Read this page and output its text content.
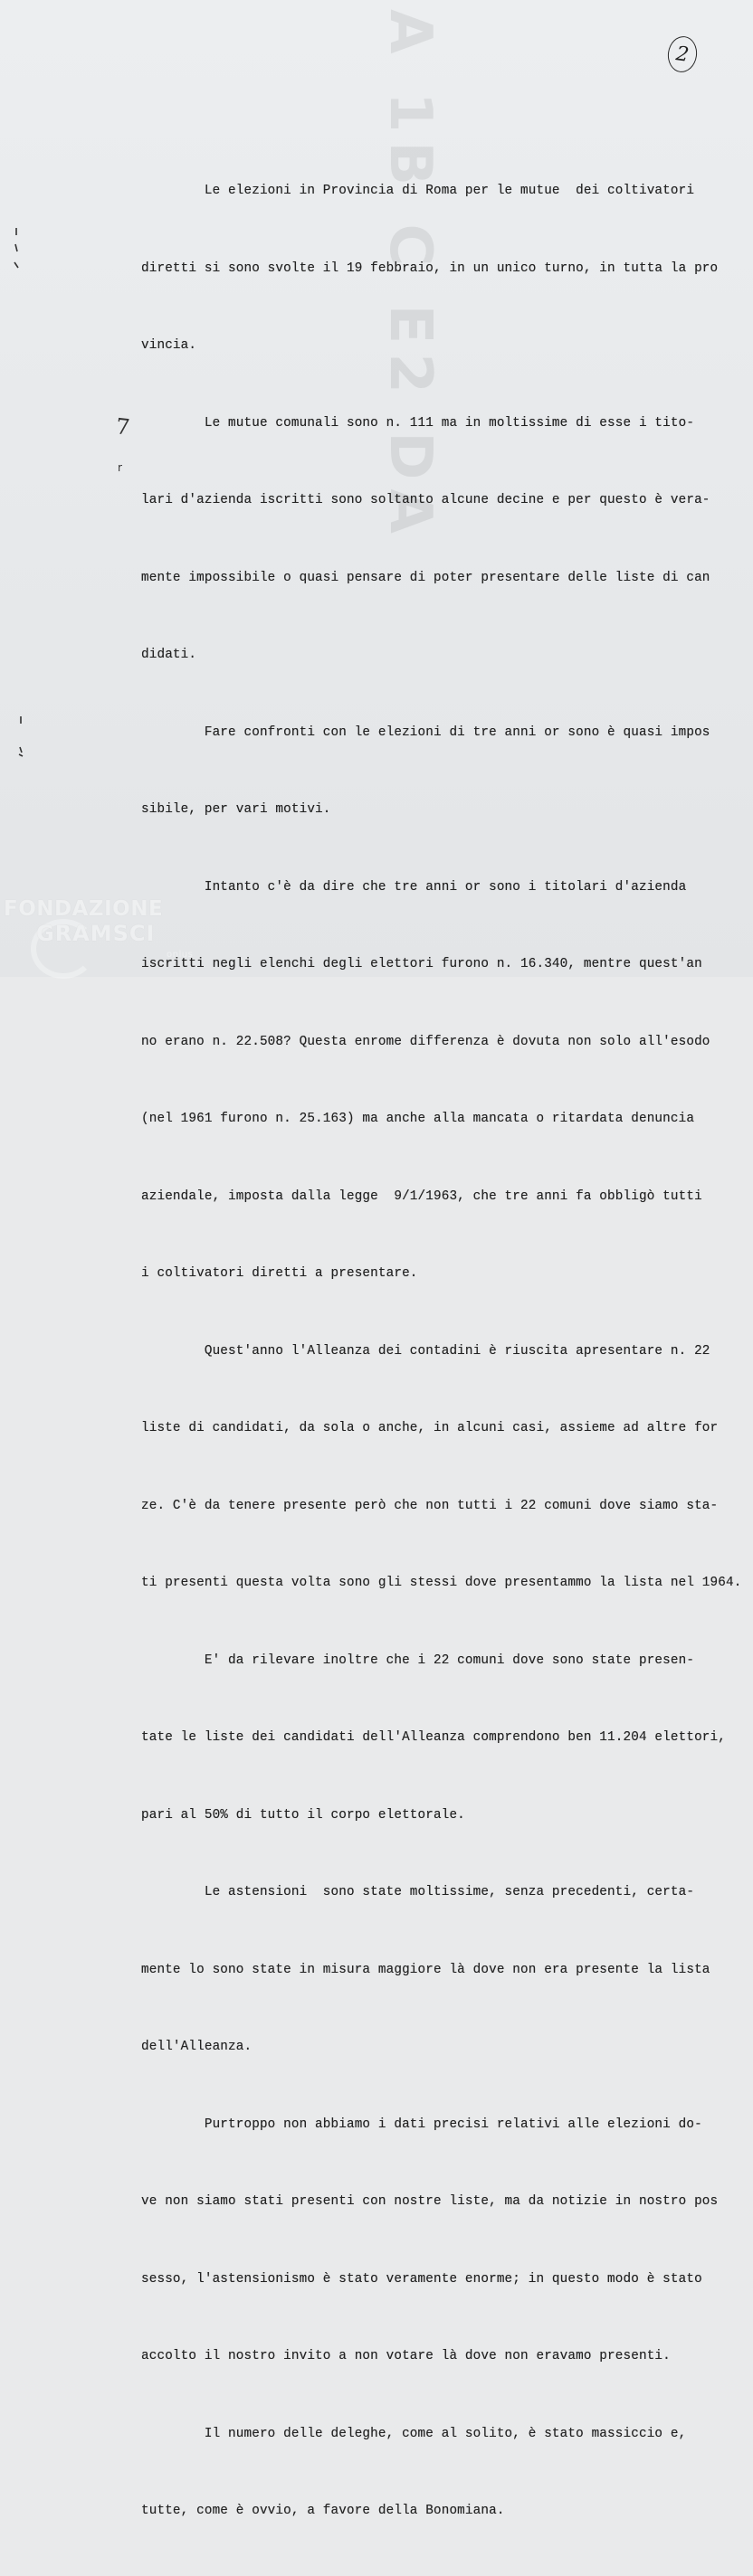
A 1B C E2 DA	2
7
r

Le elezioni in Provincia di Roma per le mutue  dei coltivatori

diretti si sono svolte il 19 febbraio, in un unico turno, in tutta la pro

vincia.

Le mutue comunali sono n. 111 ma in moltissime di esse i tito-

lari d'azienda iscritti sono soltanto alcune decine e per questo è vera-

mente impossibile o quasi pensare di poter presentare delle liste di can

didati.

Fare confronti con le elezioni di tre anni or sono è quasi impos

sibile, per vari motivi.

Intanto c'è da dire che tre anni or sono i titolari d'azienda

iscritti negli elenchi degli elettori furono n. 16.340, mentre quest'an

no erano n. 22.508? Questa enrome differenza è dovuta non solo all'esodo

(nel 1961 furono n. 25.163) ma anche alla mancata o ritardata denuncia

aziendale, imposta dalla legge  9/1/1963, che tre anni fa obbligò tutti

i coltivatori diretti a presentare.

Quest'anno l'Alleanza dei contadini è riuscita apresentare n. 22

liste di candidati, da sola o anche, in alcuni casi, assieme ad altre for

ze. C'è da tenere presente però che non tutti i 22 comuni dove siamo sta-

ti presenti questa volta sono gli stessi dove presentammo la lista nel 1964.

E' da rilevare inoltre che i 22 comuni dove sono state presen-

tate le liste dei candidati dell'Alleanza comprendono ben 11.204 elettori,

pari al 50% di tutto il corpo elettorale.

Le astensioni  sono state moltissime, senza precedenti, certa-

mente lo sono state in misura maggiore là dove non era presente la lista

dell'Alleanza.

Purtroppo non abbiamo i dati precisi relativi alle elezioni do-

ve non siamo stati presenti con nostre liste, ma da notizie in nostro pos

sesso, l'astensionismo è stato veramente enorme; in questo modo è stato

accolto il nostro invito a non votare là dove non eravamo presenti.

Il numero delle deleghe, come al solito, è stato massiccio e,

tutte, come è ovvio, a favore della Bonomiana.

FONDAZIONE
GRAMSCI
onlus
